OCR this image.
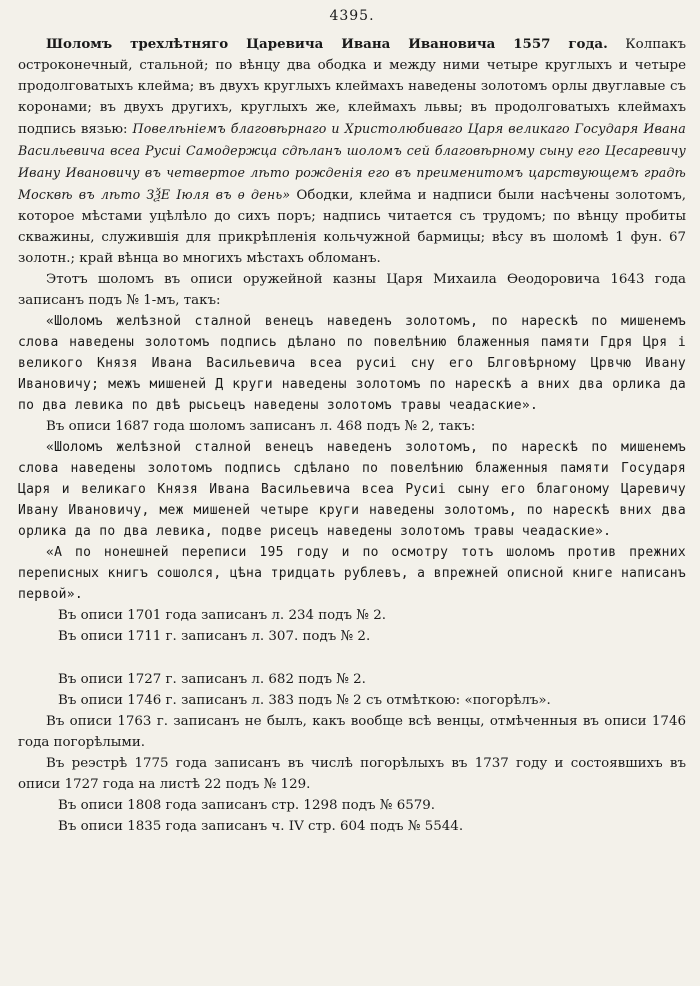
4395.

Шоломъ трехлѣтняго Царевича Ивана Ивановича 1557 года. Колпакъ остроконечный, стальной; по вѣнцу два ободка и между ними четыре круглыхъ и четыре продолговатыхъ клейма; въ двухъ круглыхъ клеймахъ наведены золотомъ орлы двуглавые съ коронами; въ двухъ другихъ, круглыхъ же, клеймахъ львы; въ продолговатыхъ клеймахъ подпись вязью: Повелѣніемъ благовѣрнаго и Христолюбиваго Царя великаго Государя Ивана Васильевича всеа Русиі Самодержца сдѣланъ шоломъ сей благовѣрному сыну его Цесаревичу Ивану Ивановичу въ четвертое лѣто рожденія его въ преименитомъ царствующемъ градѣ Москвѣ въ лѣто ЗѮЕ Іюля въ ѳ день» Ободки, клейма и надписи были насѣчены золотомъ, которое мѣстами уцѣлѣло до сихъ поръ; надпись читается съ трудомъ; по вѣнцу пробиты скважины, служившія для прикрѣпленія кольчужной бармицы; вѣсу въ шоломѣ 1 фун. 67 золотн.; край вѣнца во многихъ мѣстахъ обломанъ.

Этотъ шоломъ въ описи оружейной казны Царя Михаила Ѳеодоровича 1643 года записанъ подъ № 1-мъ, такъ:

«Шоломъ желѣзной сталной венецъ наведенъ золотомъ, по нарескѣ по мишенемъ слова наведены золотомъ подпись дѣлано по повелѣнию блаженныя памяти Гдря Цря і великого Князя Ивана Васильевича всеа русиі сну его Блговѣрному Црвчю Ивану Ивановичу; межъ мишеней Д круги наведены золотомъ по нарескѣ а вних два орлика да по два левика по двѣ рысьецъ наведены золотомъ травы чеадаские».

Въ описи 1687 года шоломъ записанъ л. 468 подъ № 2, такъ:

«Шоломъ желѣзной сталной венецъ наведенъ золотомъ, по нарескѣ по мишенемъ слова наведены золотомъ подпись сдѣлано по повелѣнию блаженныя памяти Государя Царя и великаго Князя Ивана Васильевича всеа Русиі сыну его благоному Царевичу Ивану Ивановичу, меж мишеней четыре круги наведены золотомъ, по нарескѣ вних два орлика да по два левика, подве рисецъ наведены золотомъ травы чеадаские».

«А по нонешней переписи 195 году и по осмотру тотъ шоломъ против прежних переписных книгъ сошолся, цѣна тридцать рублевъ, а впрежней описной книге написанъ первой».

Въ описи 1701 года записанъ л. 234 подъ № 2.

Въ описи 1711 г. записанъ л. 307. подъ № 2.

Въ описи 1727 г. записанъ л. 682 подъ № 2.

Въ описи 1746 г. записанъ л. 383 подъ № 2 съ отмѣткою: «погорѣлъ».

Въ описи 1763 г. записанъ не былъ, какъ вообще всѣ венцы, отмѣченныя въ описи 1746 года погорѣлыми.

Въ реэстрѣ 1775 года записанъ въ числѣ погорѣлыхъ въ 1737 году и состоявшихъ въ описи 1727 года на листѣ 22 подъ № 129.

Въ описи 1808 года записанъ стр. 1298 подъ № 6579.

Въ описи 1835 года записанъ ч. IV стр. 604 подъ № 5544.
